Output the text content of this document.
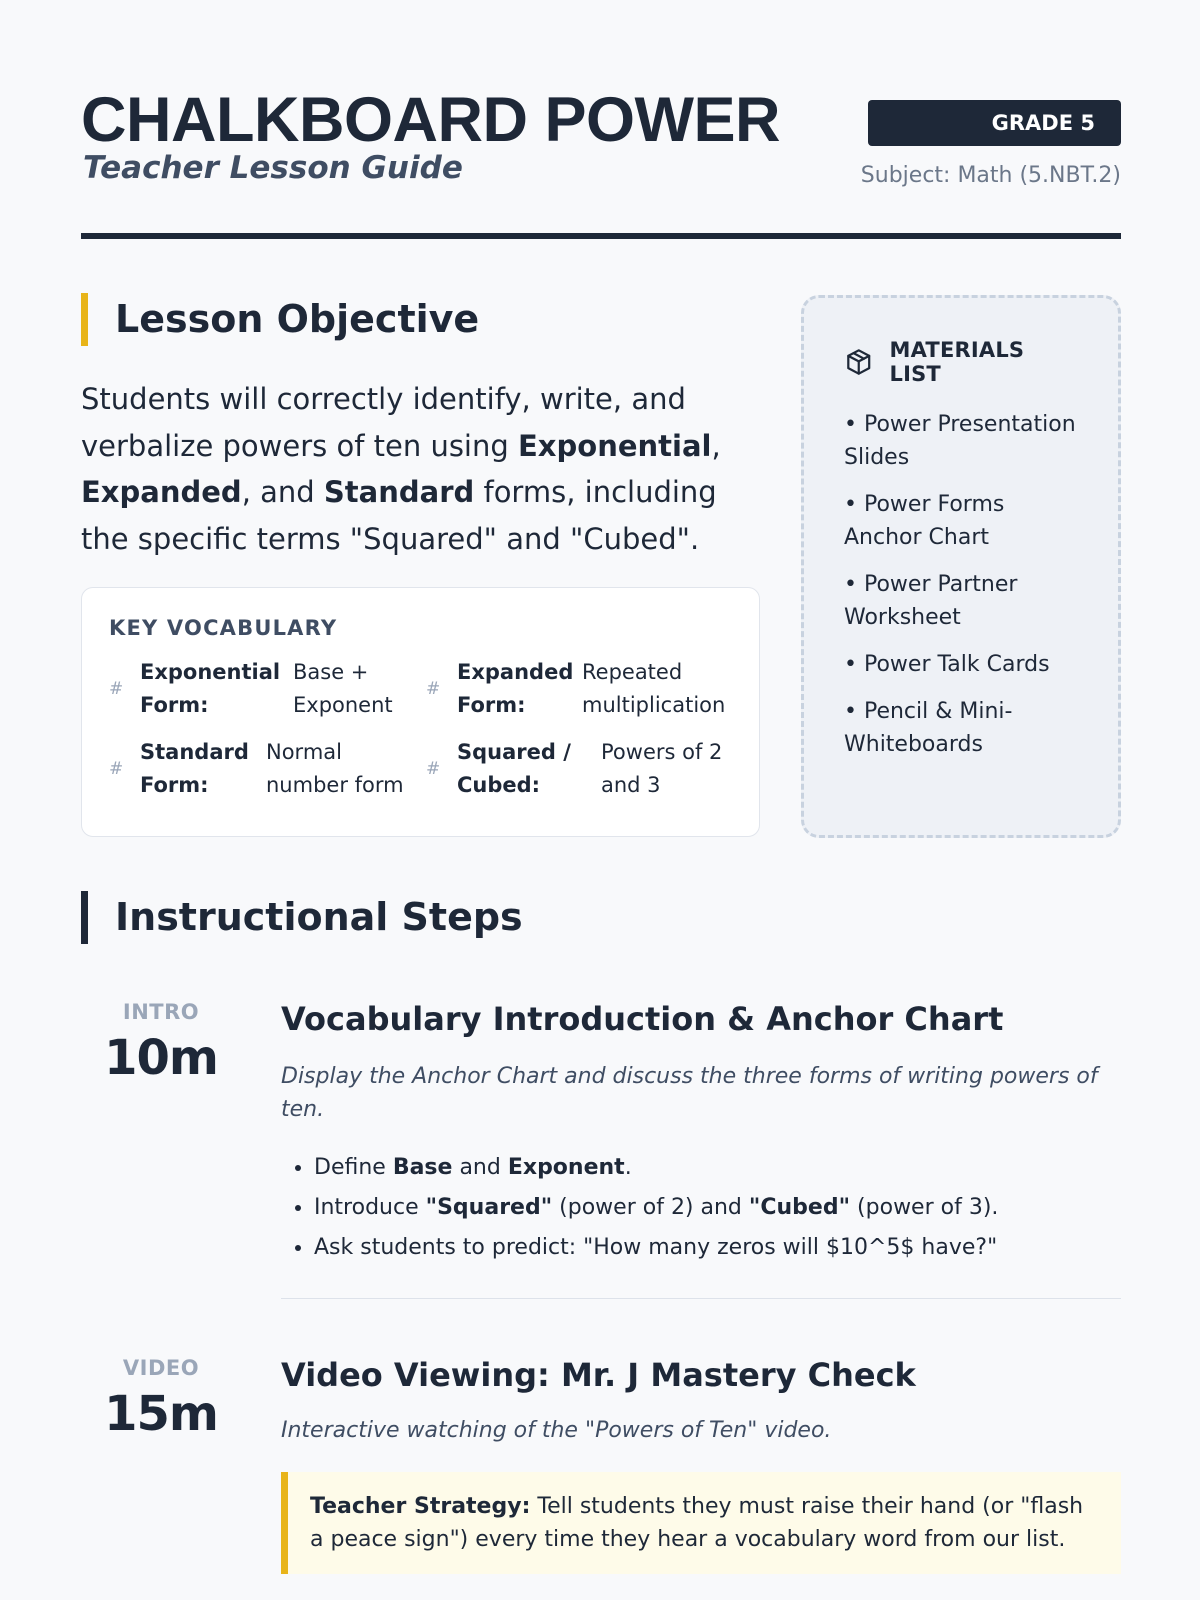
CHALKBOARD POWER
Teacher Lesson Guide
GRADE 5
Subject: Math (5.NBT.2)
Lesson Objective

Students will correctly identify, write, and verbalize powers of ten using Exponential, Expanded, and Standard forms, including the specific terms "Squared" and "Cubed".

KEY VOCABULARY
#
Exponential
Form:
Base +
Exponent
#
Expanded
Form:
Repeated
multiplication
#
Standard
Form:
Normal
number form
#
Squared /
Cubed:
Powers of 2
and 3
MATERIALS LIST
• Power Presentation Slides
• Power Forms Anchor Chart
• Power Partner Worksheet
• Power Talk Cards
• Pencil & Mini-Whiteboards
Instructional Steps
INTRO
10m
Vocabulary Introduction & Anchor Chart
Display the Anchor Chart and discuss the three forms of writing powers of ten.
• Define Base and Exponent.
• Introduce "Squared" (power of 2) and "Cubed" (power of 3).
• Ask students to predict: "How many zeros will $10^5$ have?"
VIDEO
15m
Video Viewing: Mr. J Mastery Check
Interactive watching of the "Powers of Ten" video.
Teacher Strategy: Tell students they must raise their hand (or "flash a peace sign") every time they hear a vocabulary word from our list.
